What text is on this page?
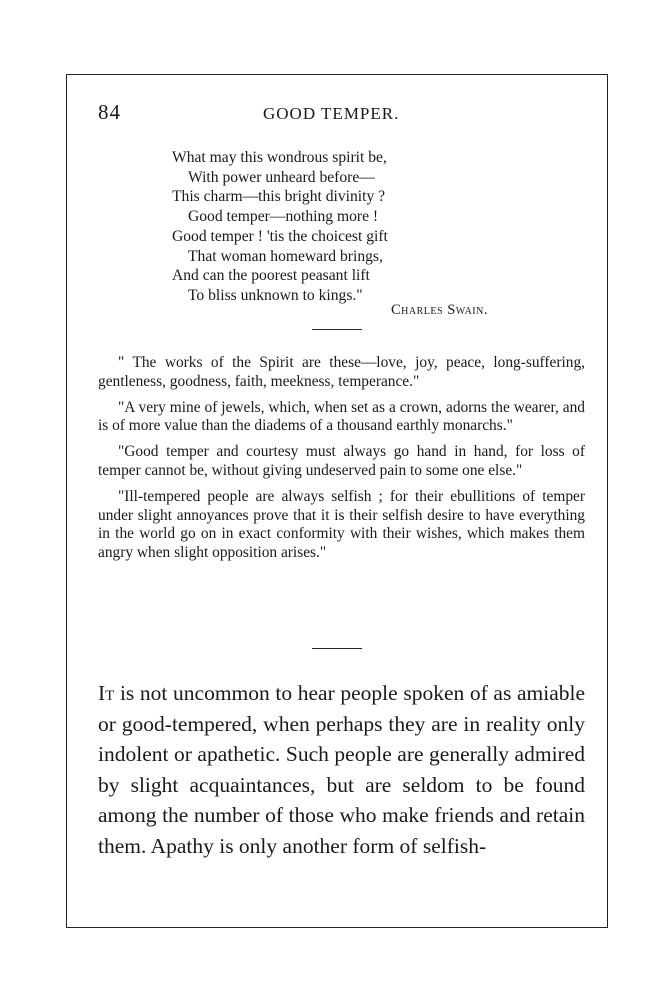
84	GOOD TEMPER.
What may this wondrous spirit be,
With power unheard before—
This charm—this bright divinity ?
Good temper—nothing more !
Good temper ! 'tis the choicest gift
That woman homeward brings,
And can the poorest peasant lift
To bliss unknown to kings."
Charles Swain.

" The works of the Spirit are these—love, joy, peace, long-suffering, gentleness, goodness, faith, meekness, temperance."

"A very mine of jewels, which, when set as a crown, adorns the wearer, and is of more value than the diadems of a thousand earthly monarchs."

"Good temper and courtesy must always go hand in hand, for loss of temper cannot be, without giving undeserved pain to some one else."

"Ill-tempered people are always selfish ; for their ebullitions of temper under slight annoyances prove that it is their selfish desire to have everything in the world go on in exact conformity with their wishes, which makes them angry when slight opposition arises."

It is not uncommon to hear people spoken of as amiable or good-tempered, when perhaps they are in reality only indolent or apathetic. Such people are generally admired by slight acquaintances, but are seldom to be found among the number of those who make friends and retain them. Apathy is only another form of selfish-
